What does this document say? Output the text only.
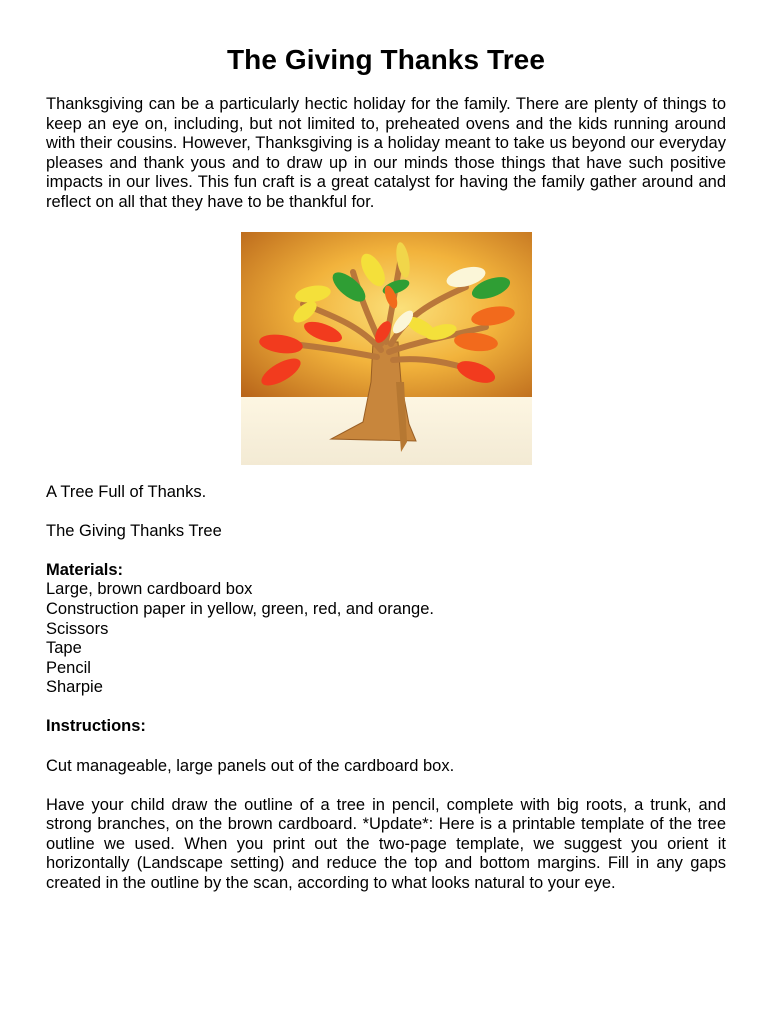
The Giving Thanks Tree

Thanksgiving can be a particularly hectic holiday for the family. There are plenty of things to keep an eye on, including, but not limited to, preheated ovens and the kids running around with their cousins. However, Thanksgiving is a holiday meant to take us beyond our everyday pleases and thank yous and to draw up in our minds those things that have such positive impacts in our lives. This fun craft is a great catalyst for having the family gather around and reflect on all that they have to be thankful for.

A Tree Full of Thanks.

The Giving Thanks Tree

Materials:

Large, brown cardboard box
Construction paper in yellow, green, red, and orange.
Scissors
Tape
Pencil
Sharpie

Instructions:

Cut manageable, large panels out of the cardboard box.

Have your child draw the outline of a tree in pencil, complete with big roots, a trunk, and strong branches, on the brown cardboard. *Update*: Here is a printable template of the tree outline we used. When you print out the two-page template, we suggest you orient it horizontally (Landscape setting) and reduce the top and bottom margins. Fill in any gaps created in the outline by the scan, according to what looks natural to your eye.
